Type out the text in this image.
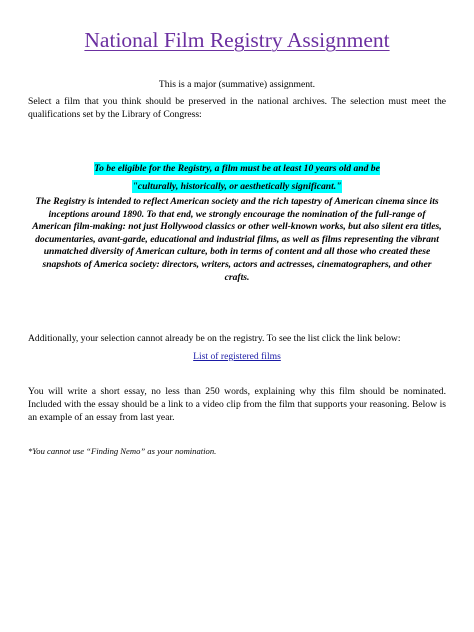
National Film Registry Assignment
This is a major (summative) assignment.
Select a film that you think should be preserved in the national archives. The selection must meet the qualifications set by the Library of Congress:
To be eligible for the Registry, a film must be at least 10 years old and be
"culturally, historically, or aesthetically significant."
The Registry is intended to reflect American society and the rich tapestry of American cinema since its inceptions around 1890. To that end, we strongly encourage the nomination of the full-range of American film-making: not just Hollywood classics or other well-known works, but also silent era titles, documentaries, avant-garde, educational and industrial films, as well as films representing the vibrant unmatched diversity of American culture, both in terms of content and all those who created these snapshots of America society: directors, writers, actors and actresses, cinematographers, and other crafts.
Additionally, your selection cannot already be on the registry. To see the list click the link below:
List of registered films
You will write a short essay, no less than 250 words, explaining why this film should be nominated. Included with the essay should be a link to a video clip from the film that supports your reasoning. Below is an example of an essay from last year.
*You cannot use “Finding Nemo” as your nomination.
